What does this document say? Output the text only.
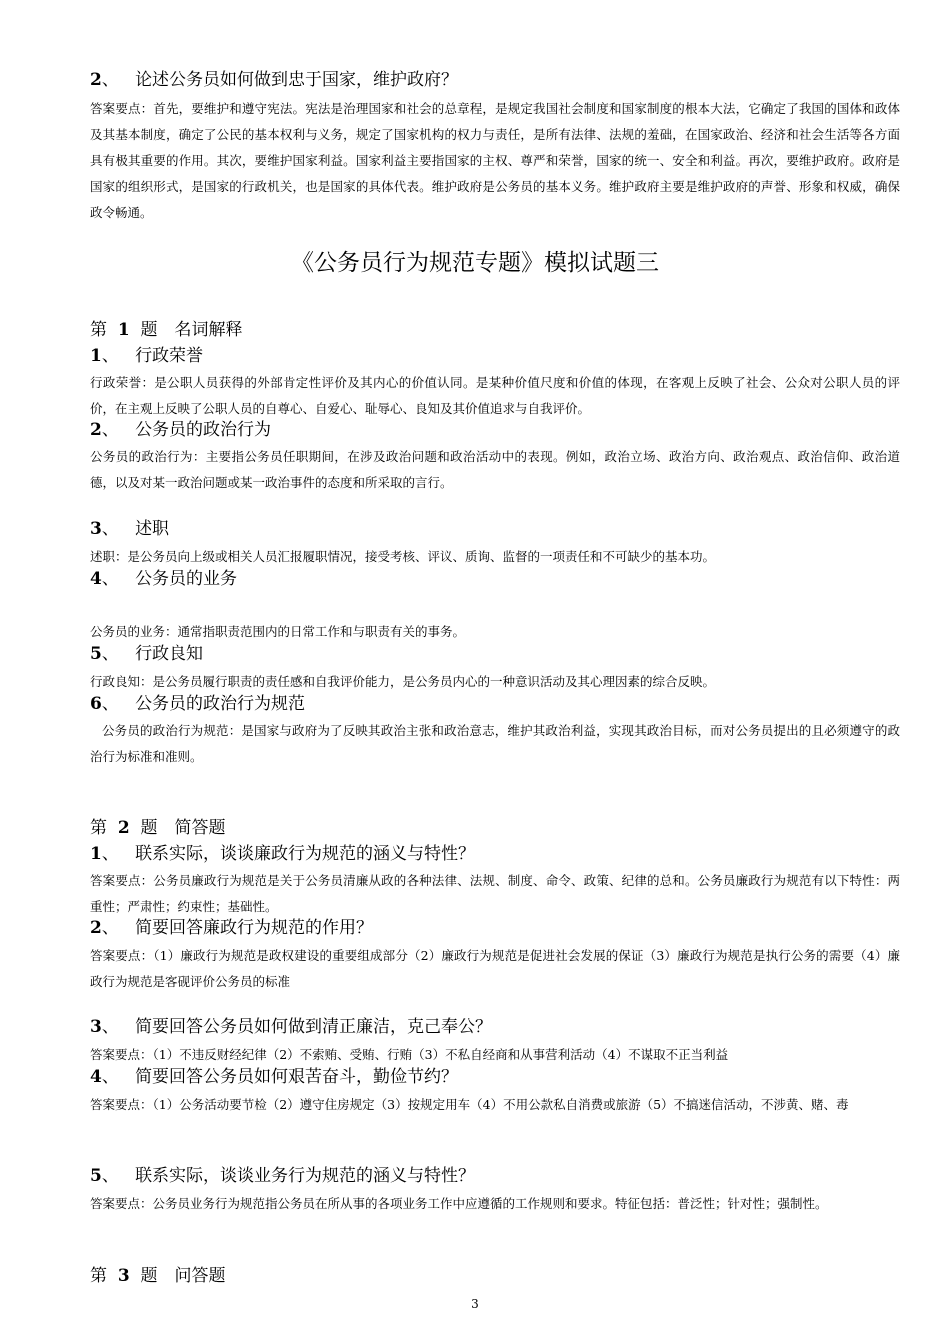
2、 论述公务员如何做到忠于国家，维护政府？
答案要点：首先，要维护和遵守宪法。宪法是治理国家和社会的总章程，是规定我国社会制度和国家制度的根本大法，它确定了我国的国体和政体及其基本制度，确定了公民的基本权利与义务，规定了国家机构的权力与责任，是所有法律、法规的羞础，在国家政治、经济和社会生活等各方面具有极其重要的作用。其次，要维护国家利益。国家利益主要指国家的主权、尊严和荣誉，国家的统一、安全和利益。再次，要维护政府。政府是国家的组织形式，是国家的行政机关，也是国家的具体代表。维护政府是公务员的基本义务。维护政府主要是维护政府的声誉、形象和权威，确保政令畅通。
《公务员行为规范专题》模拟试题三
第 1 题　名词解释
1、 行政荣誉
行政荣誉：是公职人员获得的外部肯定性评价及其内心的价值认同。是某种价值尺度和价值的体现，在客观上反映了社会、公众对公职人员的评价，在主观上反映了公职人员的自尊心、自爱心、耻辱心、良知及其价值追求与自我评价。
2、 公务员的政治行为
公务员的政治行为：主要指公务员任职期间，在涉及政治问题和政治活动中的表现。例如，政治立场、政治方向、政治观点、政治信仰、政治道德，以及对某一政治问题或某一政治事件的态度和所采取的言行。
3、 述职
述职：是公务员向上级或相关人员汇报履职情况，接受考核、评议、质询、监督的一项责任和不可缺少的基本功。
4、 公务员的业务
公务员的业务：通常指职责范围内的日常工作和与职责有关的事务。
5、 行政良知
行政良知：是公务员履行职责的责任感和自我评价能力，是公务员内心的一种意识活动及其心理因素的综合反映。
6、 公务员的政治行为规范
公务员的政治行为规范：是国家与政府为了反映其政治主张和政治意志，维护其政治利益，实现其政治目标，而对公务员提出的且必须遵守的政治行为标准和准则。
第 2 题　简答题
1、 联系实际，谈谈廉政行为规范的涵义与特性？
答案要点：公务员廉政行为规范是关于公务员清廉从政的各种法律、法规、制度、命令、政策、纪律的总和。公务员廉政行为规范有以下特性：两重性；严肃性；约束性；基础性。
2、 简要回答廉政行为规范的作用？
答案要点：（1）廉政行为规范是政权建设的重要组成部分（2）廉政行为规范是促进社会发展的保证（3）廉政行为规范是执行公务的需要（4）廉政行为规范是客砚评价公务员的标准
3、 简要回答公务员如何做到清正廉洁，克己奉公？
答案要点：（1）不违反财经纪律（2）不索贿、受贿、行贿（3）不私自经商和从事营利活动（4）不谋取不正当利益
4、 简要回答公务员如何艰苦奋斗，勤俭节约？
答案要点：（1）公务活动要节检（2）遵守住房规定（3）按规定用车（4）不用公款私自消费或旅游（5）不搞迷信活动，不涉黄、赌、毒
5、 联系实际，谈谈业务行为规范的涵义与特性？
答案要点：公务员业务行为规范指公务员在所从事的各项业务工作中应遵循的工作规则和要求。特征包括：普泛性；针对性；强制性。
第 3 题　问答题
3
